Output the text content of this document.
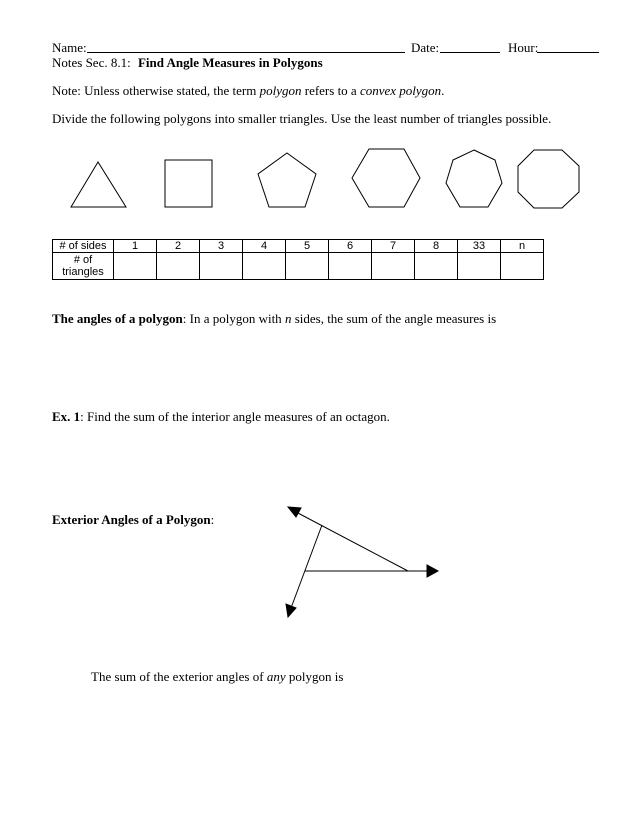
Name:	Date:	Hour:
Notes Sec. 8.1: Find Angle Measures in Polygons
Note: Unless otherwise stated, the term polygon refers to a convex polygon.
Divide the following polygons into smaller triangles. Use the least number of triangles possible.
# of sides	1	2	3	4	5	6	7	8	33	n

# of
triangles										

The angles of a polygon: In a polygon with n sides, the sum of the angle measures is
Ex. 1: Find the sum of the interior angle measures of an octagon.
Exterior Angles of a Polygon:
The sum of the exterior angles of any polygon is
